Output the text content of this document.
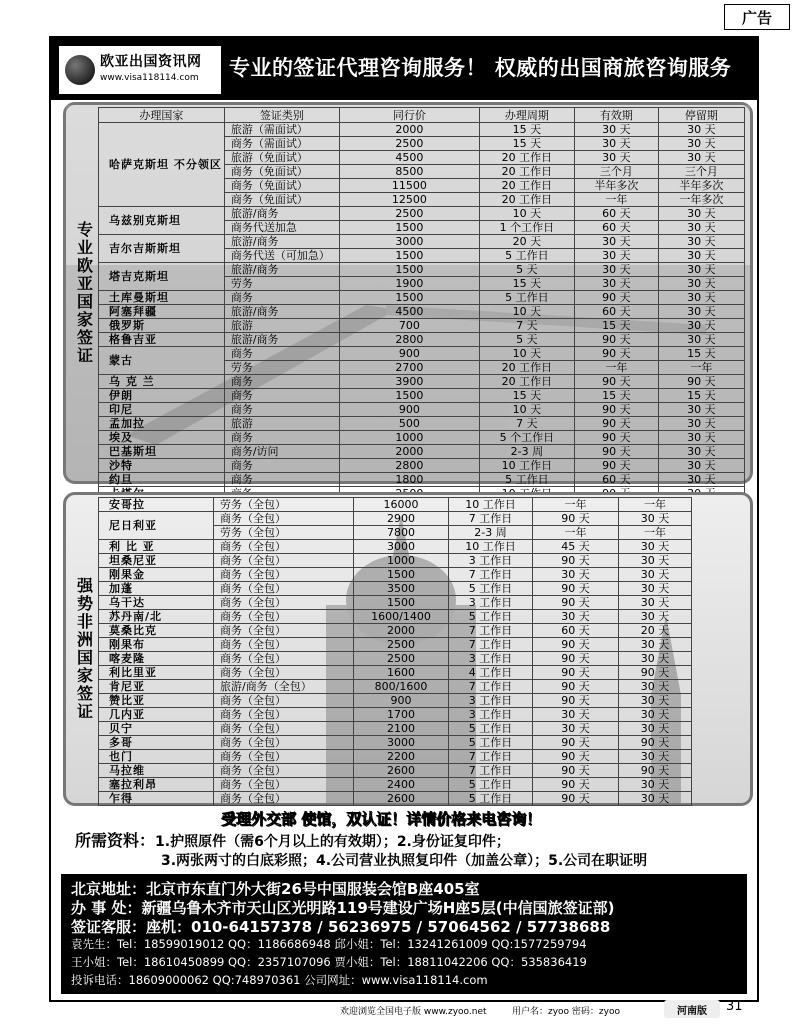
广告
欧亚出国资讯网
www.visa118114.com 专业的签证代理咨询服务！ 权威的出国商旅咨询服务
专业欧亚国家签证
办理国家	签证类别	同行价	办理周期	有效期	停留期
哈萨克斯坦 不分领区	旅游（需面试）	2000	15 天	30 天	30 天
	商务（需面试）	2500	15 天	30 天	30 天
	旅游（免面试）	4500	20 工作日	30 天	30 天
	商务（免面试）	8500	20 工作日	三个月	三个月
	商务（免面试）	11500	20 工作日	半年多次	半年多次
	商务（免面试）	12500	20 工作日	一年	一年多次
乌兹别克斯坦	旅游/商务	2500	10 天	60 天	30 天
	商务代送加急	1500	1 个工作日	60 天	30 天
吉尔吉斯斯坦	旅游/商务	3000	20 天	30 天	30 天
	商务代送（可加急）	1500	5 工作日	30 天	30 天
塔吉克斯坦	旅游/商务	1500	5 天	30 天	30 天
	劳务	1900	15 天	30 天	30 天
土库曼斯坦	商务	1500	5 工作日	90 天	30 天
阿塞拜疆	旅游/商务	4500	10 天	60 天	30 天
俄罗斯	旅游	700	7 天	15 天	30 天
格鲁吉亚	旅游/商务	2800	5 天	90 天	30 天
蒙古	商务	900	10 天	90 天	15 天
	劳务	2700	20 工作日	一年	一年
乌 克 兰	商务	3900	20 工作日	90 天	90 天
伊朗	商务	1500	15 天	15 天	15 天
印尼	商务	900	10 天	90 天	30 天
孟加拉	旅游	500	7 天	90 天	30 天
埃及	商务	1000	5 个工作日	90 天	30 天
巴基斯坦	商务/访问	2000	2-3 周	90 天	30 天
沙特	商务	2800	10 工作日	90 天	30 天
约旦	商务	1800	5 工作日	60 天	30 天

强势非洲国家签证
安哥拉	劳务（全包）	16000	10 工作日	一年	一年
尼日利亚	商务（全包）	2900	7 工作日	90 天	30 天
	劳务（全包）	7800	2-3 周	一年	一年
利 比 亚	商务（全包）	3000	10 工作日	45 天	30 天
坦桑尼亚	商务（全包）	1000	3 工作日	90 天	30 天
刚果金	商务（全包）	1500	7 工作日	30 天	30 天
加蓬	商务（全包）	3500	5 工作日	90 天	30 天
乌干达	商务（全包）	1500	3 工作日	90 天	30 天
苏丹南/北	商务（全包）	1600/1400	5 工作日	30 天	30 天
莫桑比克	商务（全包）	2000	7 工作日	60 天	20 天
刚果布	商务（全包）	2500	7 工作日	90 天	30 天
喀麦隆	商务（全包）	2500	3 工作日	90 天	30 天
利比里亚	商务（全包）	1600	4 工作日	90 天	90 天
肯尼亚	旅游/商务（全包）	800/1600	7 工作日	90 天	30 天
赞比亚	商务（全包）	900	3 工作日	90 天	30 天
几内亚	商务（全包）	1700	3 工作日	30 天	30 天
贝宁	商务（全包）	2100	5 工作日	30 天	30 天
多哥	商务（全包）	3000	5 工作日	90 天	90 天
也门	商务（全包）	2200	7 工作日	90 天	30 天
马拉维	商务（全包）	2600	7 工作日	90 天	90 天
塞拉利昂	商务（全包）	2400	5 工作日	90 天	30 天
乍得	商务（全包）	2600	5 工作日	90 天	30 天
受理外交部 使馆，双认证！详情价格来电咨询！
所需资料：1.护照原件（需6个月以上的有效期）；2.身份证复印件；
3.两张两寸的白底彩照；4.公司营业执照复印件（加盖公章）；5.公司在职证明
北京地址：北京市东直门外大街26号中国服装会馆B座405室
办 事 处：新疆乌鲁木齐市天山区光明路119号建设广场H座5层(中信国旅签证部)
签证客服：座机：010-64157378 / 56236975 / 57064562 / 57738688
袁先生：Tel：18599019012 QQ：1186686948 邱小姐：Tel：13241261009 QQ:1577259794
王小姐：Tel：18610450899 QQ：2357107096 贾小姐：Tel：18811042206 QQ：535836419
投诉电话：18609000062 QQ:748970361 公司网址：www.visa118114.com
欢迎浏览全国电子版 www.zyoo.net	用户名：zyoo 密码：zyoo	河南版	31
